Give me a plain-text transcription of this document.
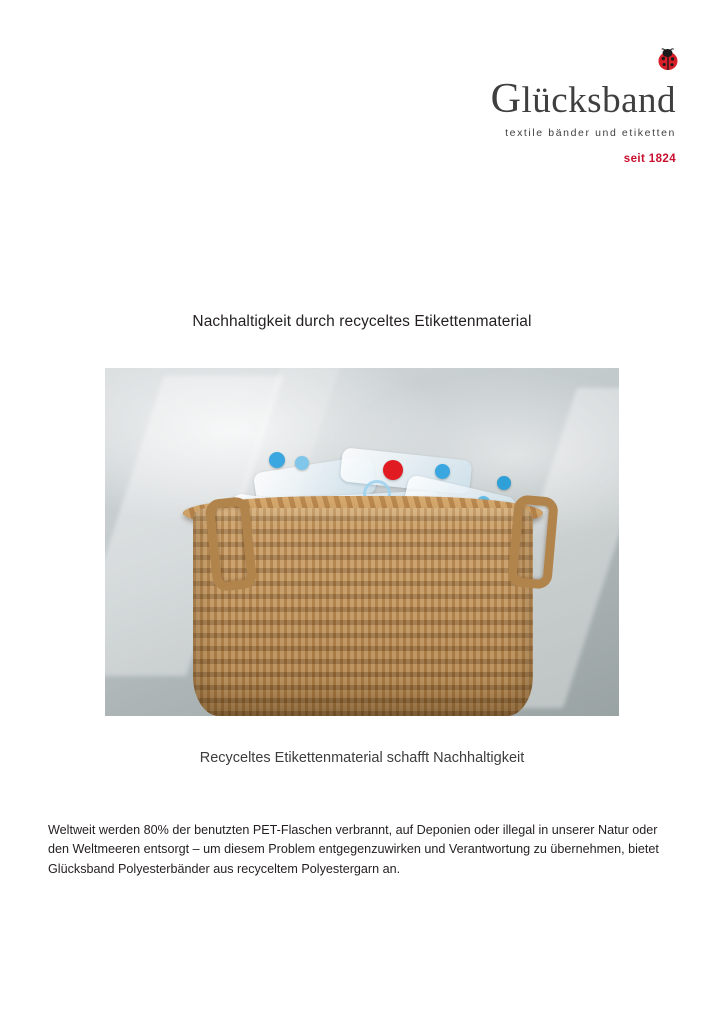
Glücksband
textile bänder und etiketten
seit 1824
Nachhaltigkeit durch recyceltes Etikettenmaterial
Recyceltes Etikettenmaterial schafft Nachhaltigkeit

Weltweit werden 80% der benutzten PET-Flaschen verbrannt, auf Deponien oder illegal in unserer Natur oder den Weltmeeren entsorgt – um diesem Problem entgegenzuwirken und Verantwortung zu übernehmen, bietet Glücksband Polyesterbänder aus recyceltem Polyestergarn an.
